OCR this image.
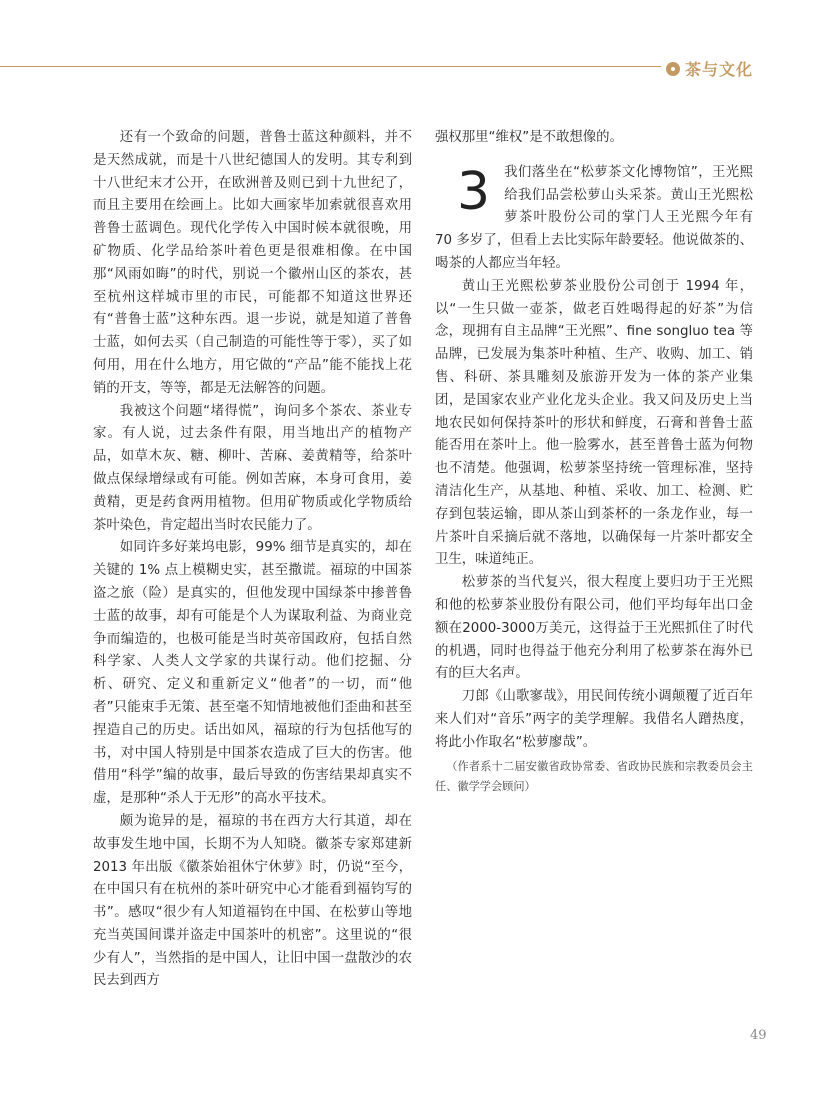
茶与文化

还有一个致命的问题，普鲁士蓝这种颜料，并不是天然成就，而是十八世纪德国人的发明。其专利到十八世纪末才公开，在欧洲普及则已到十九世纪了，而且主要用在绘画上。比如大画家毕加索就很喜欢用普鲁士蓝调色。现代化学传入中国时候本就很晚，用矿物质、化学品给茶叶着色更是很难相像。在中国那“风雨如晦”的时代，别说一个徽州山区的茶农，甚至杭州这样城市里的市民，可能都不知道这世界还有“普鲁士蓝”这种东西。退一步说，就是知道了普鲁士蓝，如何去买（自己制造的可能性等于零），买了如何用，用在什么地方，用它做的“产品”能不能找上花销的开支，等等，都是无法解答的问题。

我被这个问题“堵得慌”，询问多个茶农、茶业专家。有人说，过去条件有限，用当地出产的植物产品，如草木灰、糖、柳叶、苦麻、姜黄精等，给茶叶做点保绿增绿或有可能。例如苦麻，本身可食用，姜黄精，更是药食两用植物。但用矿物质或化学物质给茶叶染色，肯定超出当时农民能力了。

如同许多好莱坞电影，99% 细节是真实的，却在关键的 1% 点上模糊史实，甚至撒谎。福琼的中国茶盗之旅（险）是真实的，但他发现中国绿茶中掺普鲁士蓝的故事，却有可能是个人为谋取利益、为商业竞争而编造的，也极可能是当时英帝国政府，包括自然科学家、人类人文学家的共谋行动。他们挖掘、分析、研究、定义和重新定义“他者”的一切，而“他者”只能束手无策、甚至毫不知情地被他们歪曲和甚至捏造自己的历史。话出如风，福琼的行为包括他写的书，对中国人特别是中国茶农造成了巨大的伤害。他借用“科学”编的故事，最后导致的伤害结果却真实不虚，是那种“杀人于无形”的高水平技术。

颇为诡异的是，福琼的书在西方大行其道，却在故事发生地中国，长期不为人知晓。徽茶专家郑建新 2013 年出版《徽茶始祖休宁休萝》时，仍说“至今，在中国只有在杭州的茶叶研究中心才能看到福钧写的书”。感叹“很少有人知道福钧在中国、在松萝山等地充当英国间谍并盗走中国茶叶的机密”。这里说的“很少有人”，当然指的是中国人，让旧中国一盘散沙的农民去到西方

强权那里“维权”是不敢想像的。

3 我们落坐在“松萝茶文化博物馆”，王光熙给我们品尝松萝山头采茶。黄山王光熙松萝茶叶股份公司的掌门人王光熙今年有 70 多岁了，但看上去比实际年龄要轻。他说做茶的、喝茶的人都应当年轻。

黄山王光熙松萝茶业股份公司创于 1994 年，以“一生只做一壶茶，做老百姓喝得起的好茶”为信念，现拥有自主品牌“王光熙”、fine songluo tea 等品牌，已发展为集茶叶种植、生产、收购、加工、销售、科研、茶具雕刻及旅游开发为一体的茶产业集团，是国家农业产业化龙头企业。我又问及历史上当地农民如何保持茶叶的形状和鲜度，石膏和普鲁士蓝能否用在茶叶上。他一脸雾水，甚至普鲁士蓝为何物也不清楚。他强调，松萝茶坚持统一管理标准，坚持清洁化生产，从基地、种植、采收、加工、检测、贮存到包装运输，即从茶山到茶杯的一条龙作业，每一片茶叶自采摘后就不落地，以确保每一片茶叶都安全卫生，味道纯正。

松萝茶的当代复兴，很大程度上要归功于王光熙和他的松萝茶业股份有限公司，他们平均每年出口金额在2000-3000万美元，这得益于王光熙抓住了时代的机遇，同时也得益于他充分利用了松萝茶在海外已有的巨大名声。

刀郎《山歌寥哉》，用民间传统小调颠覆了近百年来人们对“音乐”两字的美学理解。我借名人蹭热度，将此小作取名“松萝廖哉”。

（作者系十二届安徽省政协常委、省政协民族和宗教委员会主任、徽学学会顾问）

49
